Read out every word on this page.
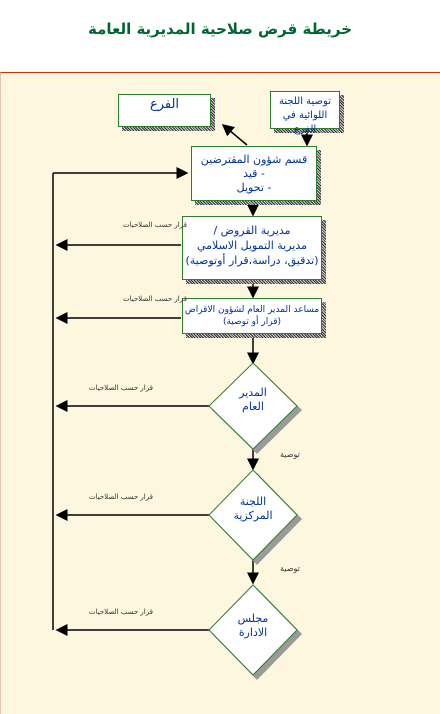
خريطة قرض صلاحية المديرية العامة
الفرع	توصية اللجنة
اللوائية في الفرع
قسم شؤون المقترضين
- قيد
- تحويل
مديرية القروض /
مديرية التمويل الاسلامي
(تدقيق، دراسة،قرار أوتوصية)
مساعد المدير العام لشؤون الاقراض
(قرار أو توصية)
المدير
العام
اللجنة
المركزية
مجلس
الادارة
قرار حسب الصلاحيات
قرار حسب الصلاحيات
قرار حسب الصلاحيات
قرار حسب الصلاحيات
قرار حسب الصلاحيات
توصية
توصية
